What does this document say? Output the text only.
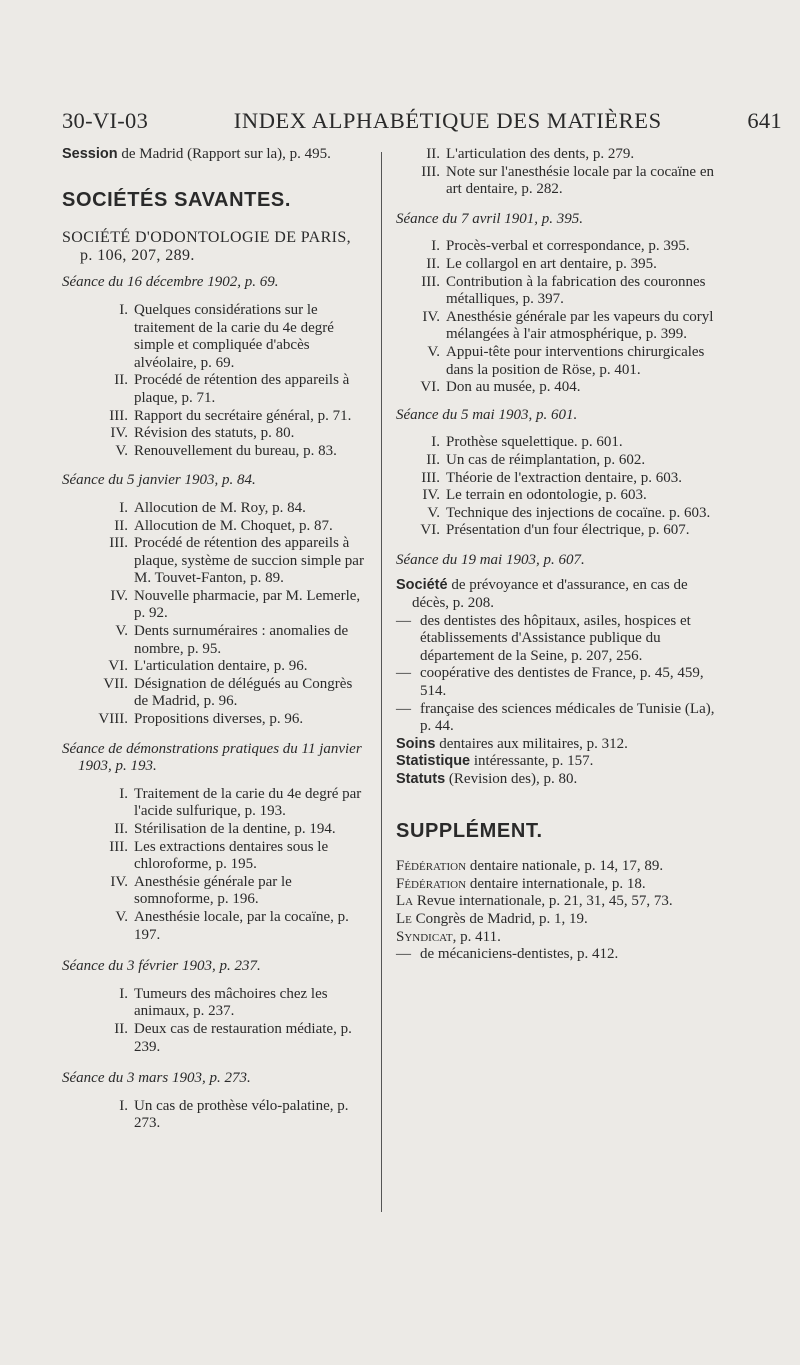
30-VI-03	INDEX ALPHABÉTIQUE DES MATIÈRES	641

Session de Madrid (Rapport sur la), p. 495.

SOCIÉTÉS SAVANTES.

SOCIÉTÉ D'ODONTOLOGIE DE PARIS, p. 106, 207, 289.

Séance du 16 décembre 1902, p. 69.

I. Quelques considérations sur le traitement de la carie du 4e degré simple et compliquée d'abcès alvéolaire, p. 69.
II. Procédé de rétention des appareils à plaque, p. 71.
III. Rapport du secrétaire général, p. 71.
IV. Révision des statuts, p. 80.
V. Renouvellement du bureau, p. 83.

Séance du 5 janvier 1903, p. 84.

I. Allocution de M. Roy, p. 84.
II. Allocution de M. Choquet, p. 87.
III. Procédé de rétention des appareils à plaque, système de succion simple par M. Touvet-Fanton, p. 89.
IV. Nouvelle pharmacie, par M. Lemerle, p. 92.
V. Dents surnuméraires : anomalies de nombre, p. 95.
VI. L'articulation dentaire, p. 96.
VII. Désignation de délégués au Congrès de Madrid, p. 96.
VIII. Propositions diverses, p. 96.

Séance de démonstrations pratiques du 11 janvier 1903, p. 193.

I. Traitement de la carie du 4e degré par l'acide sulfurique, p. 193.
II. Stérilisation de la dentine, p. 194.
III. Les extractions dentaires sous le chloroforme, p. 195.
IV. Anesthésie générale par le somnoforme, p. 196.
V. Anesthésie locale, par la cocaïne, p. 197.

Séance du 3 février 1903, p. 237.

I. Tumeurs des mâchoires chez les animaux, p. 237.
II. Deux cas de restauration médiate, p. 239.

Séance du 3 mars 1903, p. 273.

I. Un cas de prothèse vélo-palatine, p. 273.
II. L'articulation des dents, p. 279.
III. Note sur l'anesthésie locale par la cocaïne en art dentaire, p. 282.

Séance du 7 avril 1901, p. 395.

I. Procès-verbal et correspondance, p. 395.
II. Le collargol en art dentaire, p. 395.
III. Contribution à la fabrication des couronnes métalliques, p. 397.
IV. Anesthésie générale par les vapeurs du coryl mélangées à l'air atmosphérique, p. 399.
V. Appui-tête pour interventions chirurgicales dans la position de Röse, p. 401.
VI. Don au musée, p. 404.

Séance du 5 mai 1903, p. 601.

I. Prothèse squelettique. p. 601.
II. Un cas de réimplantation, p. 602.
III. Théorie de l'extraction dentaire, p. 603.
IV. Le terrain en odontologie, p. 603.
V. Technique des injections de cocaïne. p. 603.
VI. Présentation d'un four électrique, p. 607.

Séance du 19 mai 1903, p. 607.

Société de prévoyance et d'assurance, en cas de décès, p. 208.

— des dentistes des hôpitaux, asiles, hospices et établissements d'Assistance publique du département de la Seine, p. 207, 256.
— coopérative des dentistes de France, p. 45, 459, 514.
— française des sciences médicales de Tunisie (La), p. 44.

Soins dentaires aux militaires, p. 312.

Statistique intéressante, p. 157.

Statuts (Revision des), p. 80.

SUPPLÉMENT.

Fédération dentaire nationale, p. 14, 17, 89.

Fédération dentaire internationale, p. 18.

La Revue internationale, p. 21, 31, 45, 57, 73.

Le Congrès de Madrid, p. 1, 19.

Syndicat, p. 411.

— de mécaniciens-dentistes, p. 412.
